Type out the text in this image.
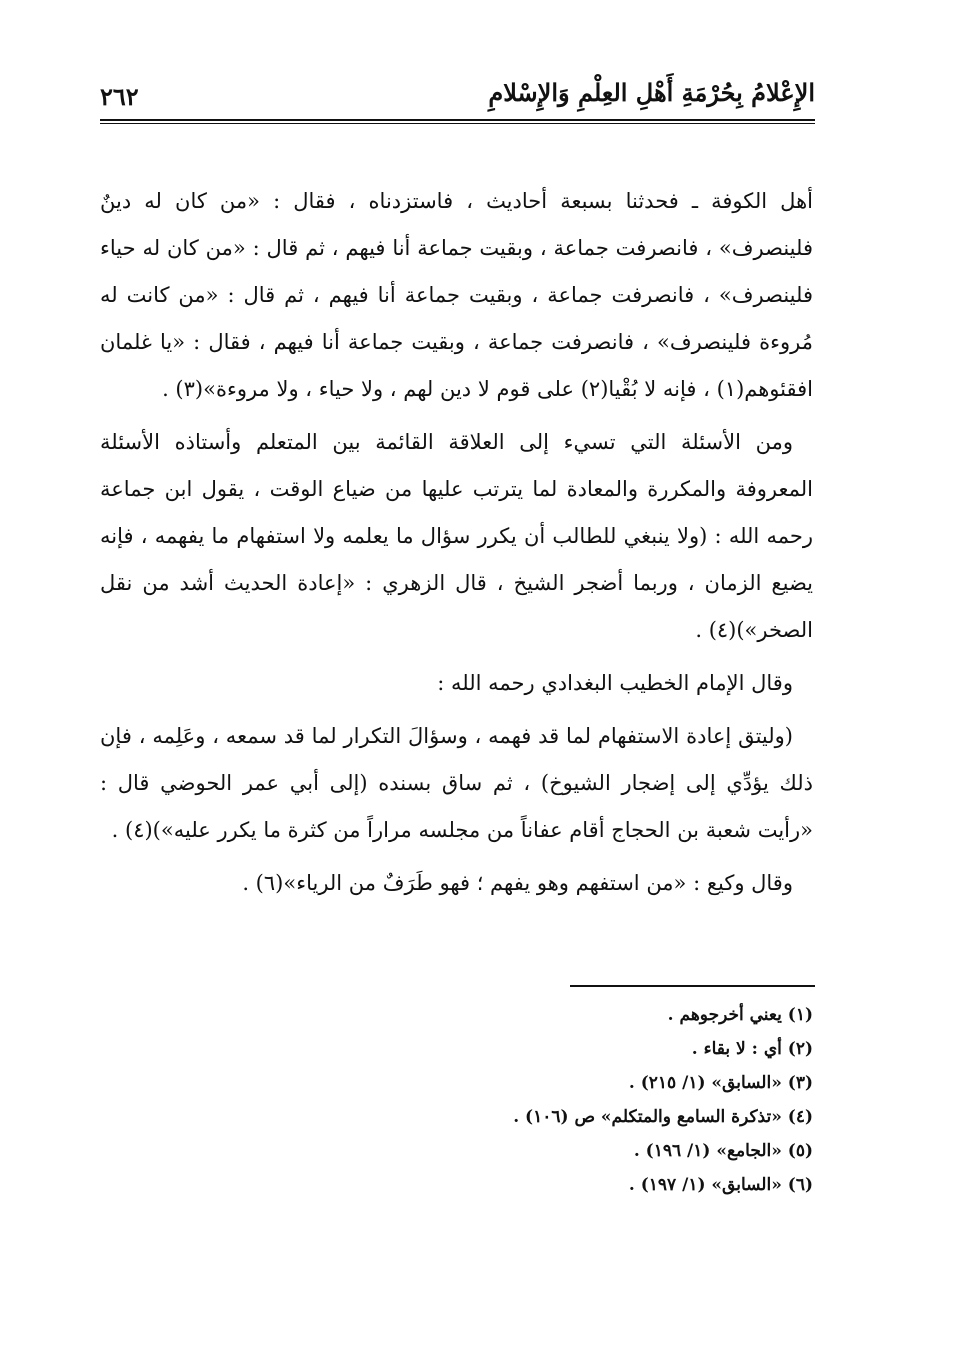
الإِعْلامُ بِحُرْمَةِ أَهْلِ العِلْمِ وَالإِسْلامِ
٢٦٢

أهل الكوفة ـ فحدثنا بسبعة أحاديث ، فاستزدناه ، فقال : «من كان له دينٌ فلينصرف» ، فانصرفت جماعة ، وبقيت جماعة أنا فيهم ، ثم قال : «من كان له حياء فلينصرف» ، فانصرفت جماعة ، وبقيت جماعة أنا فيهم ، ثم قال : «من كانت له مُروءة فلينصرف» ، فانصرفت جماعة ، وبقيت جماعة أنا فيهم ، فقال : «يا غلمان افقئوهم(١) ، فإنه لا بُقْيا(٢) على قوم لا دين لهم ، ولا حياء ، ولا مروءة»(٣) .

ومن الأسئلة التي تسيء إلى العلاقة القائمة بين المتعلم وأستاذه الأسئلة المعروفة والمكررة والمعادة لما يترتب عليها من ضياع الوقت ، يقول ابن جماعة رحمه الله : (ولا ينبغي للطالب أن يكرر سؤال ما يعلمه ولا استفهام ما يفهمه ، فإنه يضيع الزمان ، وربما أضجر الشيخ ، قال الزهري : «إعادة الحديث أشد من نقل الصخر»)(٤) .

وقال الإمام الخطيب البغدادي رحمه الله :

(وليتق إعادة الاستفهام لما قد فهمه ، وسؤالَ التكرار لما قد سمعه ، وعَلِمه ، فإن ذلك يؤدِّي إلى إضجار الشيوخ) ، ثم ساق بسنده (إلى أبي عمر الحوضي قال : «رأيت شعبة بن الحجاج أقام عفاناً من مجلسه مراراً من كثرة ما يكرر عليه»)(٤) .

وقال وكيع : «من استفهم وهو يفهم ؛ فهو طَرَفٌ من الرياء»(٦) .

(١) يعني أخرجوهم .
(٢) أي : لا بقاء .
(٣) «السابق» (١/ ٢١٥) .
(٤) «تذكرة السامع والمتكلم» ص (١٠٦) .
(٥) «الجامع» (١/ ١٩٦) .
(٦) «السابق» (١/ ١٩٧) .
